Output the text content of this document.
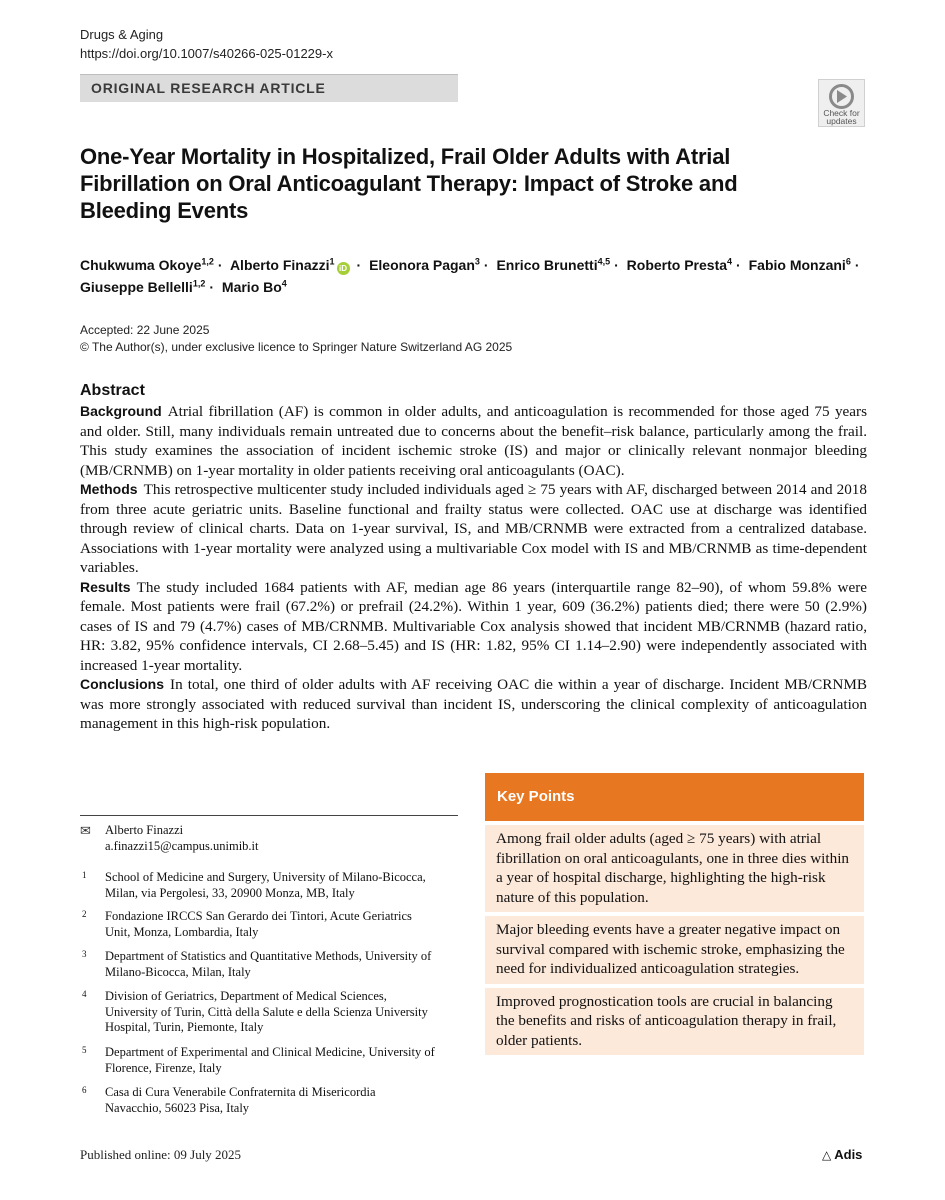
Drugs & Aging
https://doi.org/10.1007/s40266-025-01229-x
ORIGINAL RESEARCH ARTICLE
Check for
updates
One-Year Mortality in Hospitalized, Frail Older Adults with Atrial Fibrillation on Oral Anticoagulant Therapy: Impact of Stroke and Bleeding Events
Chukwuma Okoye$^{1,2}$ · Alberto Finazzi$^1$iD · Eleonora Pagan$^3$ · Enrico Brunetti$^{4,5}$ · Roberto Presta$^4$ · Fabio Monzani$^6$ ·
Giuseppe Bellelli$^{1,2}$ · Mario Bo$^4$
Accepted: 22 June 2025
© The Author(s), under exclusive licence to Springer Nature Switzerland AG 2025
Abstract

Background Atrial fibrillation (AF) is common in older adults, and anticoagulation is recommended for those aged 75 years and older. Still, many individuals remain untreated due to concerns about the benefit–risk balance, particularly among the frail. This study examines the association of incident ischemic stroke (IS) and major or clinically relevant nonmajor bleeding (MB/CRNMB) on 1-year mortality in older patients receiving oral anticoagulants (OAC).

Methods This retrospective multicenter study included individuals aged ≥ 75 years with AF, discharged between 2014 and 2018 from three acute geriatric units. Baseline functional and frailty status were collected. OAC use at discharge was identified through review of clinical charts. Data on 1-year survival, IS, and MB/CRNMB were extracted from a centralized database. Associations with 1-year mortality were analyzed using a multivariable Cox model with IS and MB/CRNMB as time-dependent variables.

Results The study included 1684 patients with AF, median age 86 years (interquartile range 82–90), of whom 59.8% were female. Most patients were frail (67.2%) or prefrail (24.2%). Within 1 year, 609 (36.2%) patients died; there were 50 (2.9%) cases of IS and 79 (4.7%) cases of MB/CRNMB. Multivariable Cox analysis showed that incident MB/CRNMB (hazard ratio, HR: 3.82, 95% confidence intervals, CI 2.68–5.45) and IS (HR: 1.82, 95% CI 1.14–2.90) were independently associated with increased 1-year mortality.

Conclusions In total, one third of older adults with AF receiving OAC die within a year of discharge. Incident MB/CRNMB was more strongly associated with reduced survival than incident IS, underscoring the clinical complexity of anticoagulation management in this high-risk population.

✉ Alberto Finazzi
a.finazzi15@campus.unimib.it
1 School of Medicine and Surgery, University of Milano-Bicocca, Milan, via Pergolesi, 33, 20900 Monza, MB, Italy
2 Fondazione IRCCS San Gerardo dei Tintori, Acute Geriatrics Unit, Monza, Lombardia, Italy
3 Department of Statistics and Quantitative Methods, University of Milano-Bicocca, Milan, Italy
4 Division of Geriatrics, Department of Medical Sciences, University of Turin, Città della Salute e della Scienza University Hospital, Turin, Piemonte, Italy
5 Department of Experimental and Clinical Medicine, University of Florence, Firenze, Italy
6 Casa di Cura Venerabile Confraternita di Misericordia Navacchio, 56023 Pisa, Italy
Key Points
Among frail older adults (aged ≥ 75 years) with atrial fibrillation on oral anticoagulants, one in three dies within a year of hospital discharge, highlighting the high-risk nature of this population.
Major bleeding events have a greater negative impact on survival compared with ischemic stroke, emphasizing the need for individualized anticoagulation strategies.
Improved prognostication tools are crucial in balancing the benefits and risks of anticoagulation therapy in frail, older patients.
Published online: 09 July 2025	△ Adis
